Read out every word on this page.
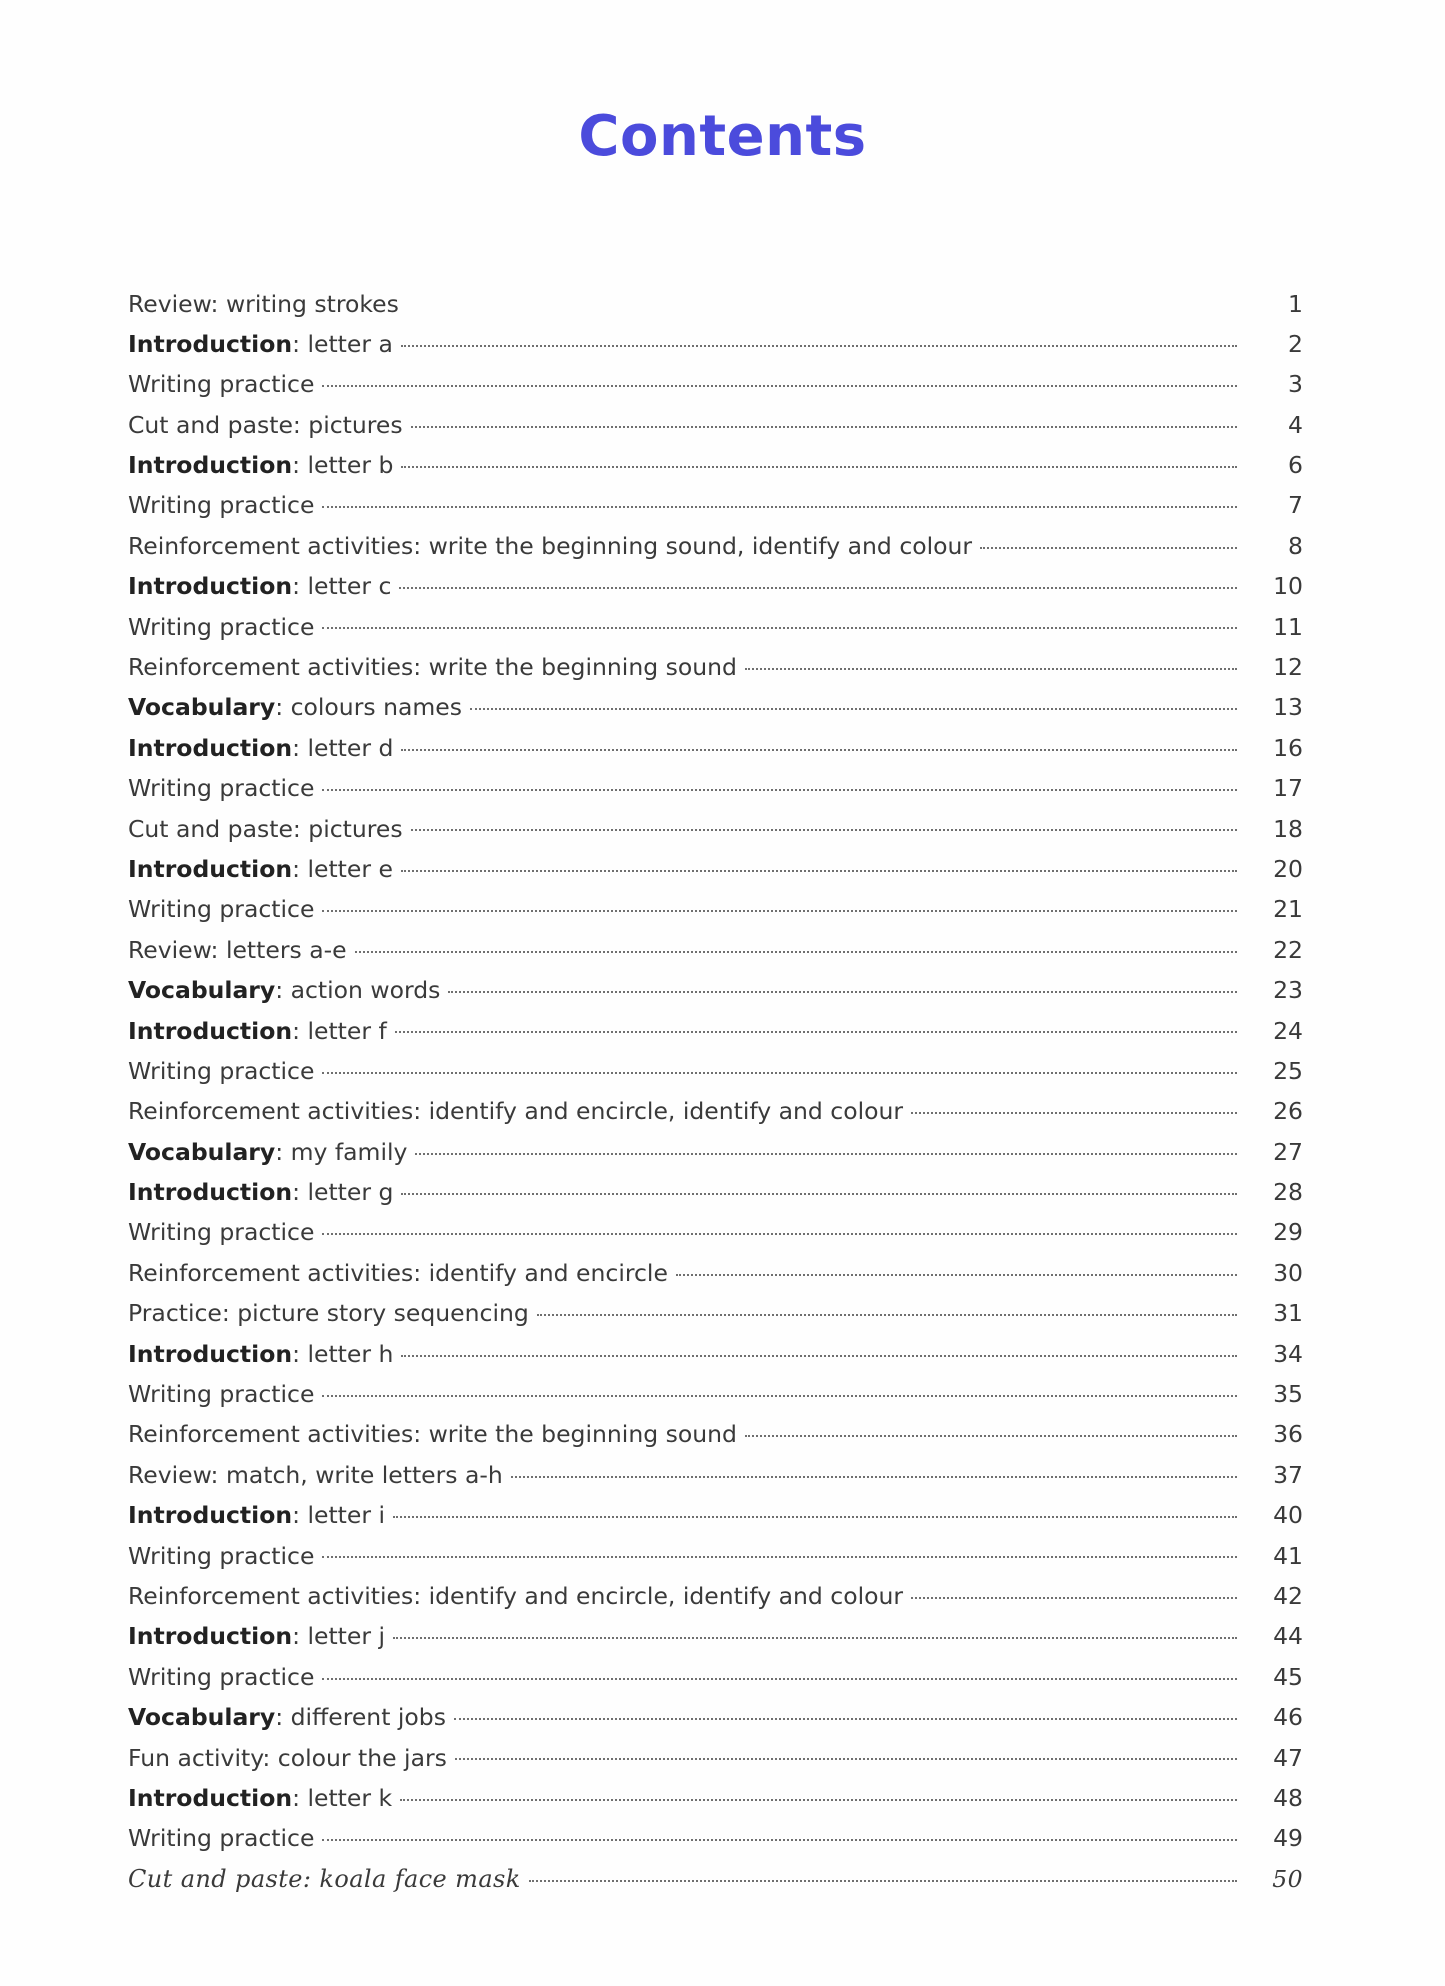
Contents
Review: writing strokes	1
Introduction: letter a	2
Writing practice	3
Cut and paste: pictures	4
Introduction: letter b	6
Writing practice	7
Reinforcement activities: write the beginning sound, identify and colour	8
Introduction: letter c	10
Writing practice	11
Reinforcement activities: write the beginning sound	12
Vocabulary: colours names	13
Introduction: letter d	16
Writing practice	17
Cut and paste: pictures	18
Introduction: letter e	20
Writing practice	21
Review: letters a-e	22
Vocabulary: action words	23
Introduction: letter f	24
Writing practice	25
Reinforcement activities: identify and encircle, identify and colour	26
Vocabulary: my family	27
Introduction: letter g	28
Writing practice	29
Reinforcement activities: identify and encircle	30
Practice: picture story sequencing	31
Introduction: letter h	34
Writing practice	35
Reinforcement activities: write the beginning sound	36
Review: match, write letters a-h	37
Introduction: letter i	40
Writing practice	41
Reinforcement activities: identify and encircle, identify and colour	42
Introduction: letter j	44
Writing practice	45
Vocabulary: different jobs	46
Fun activity: colour the jars	47
Introduction: letter k	48
Writing practice	49
Cut and paste: koala face mask	50
